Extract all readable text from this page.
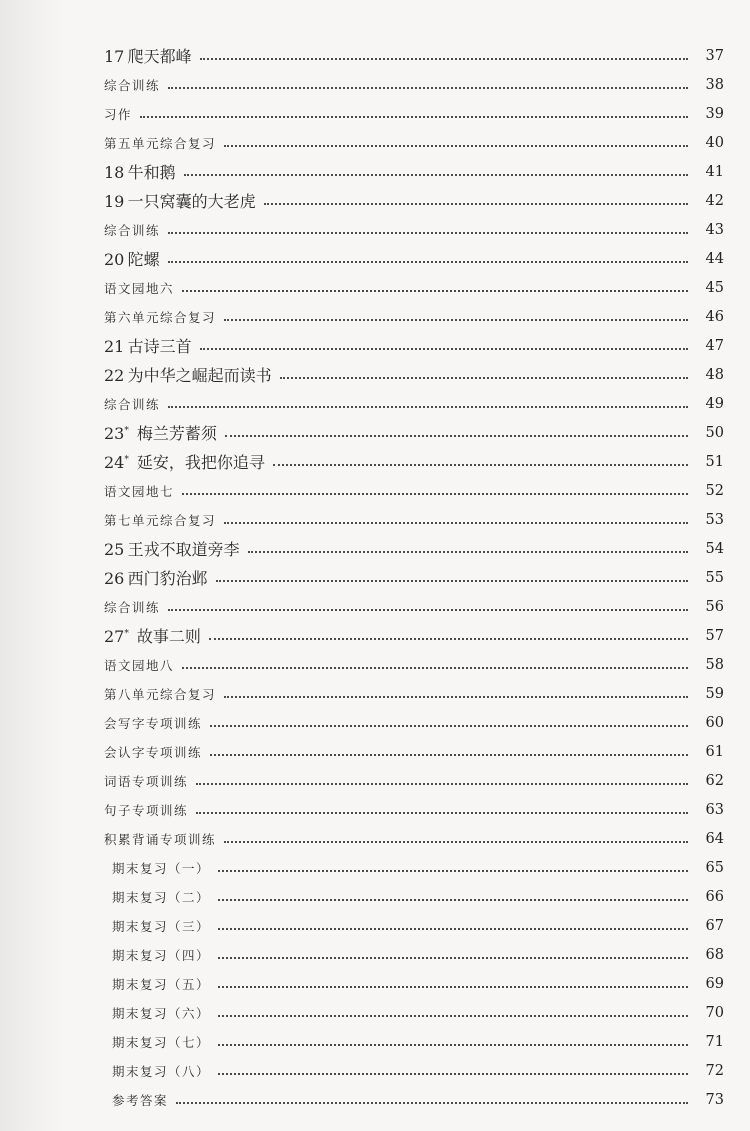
17  爬天都峰	37
综合训练	38
习作	39
第五单元综合复习	40
18  牛和鹅	41
19  一只窝囊的大老虎	42
综合训练	43
20  陀螺	44
语文园地六	45
第六单元综合复习	46
21  古诗三首	47
22  为中华之崛起而读书	48
综合训练	49
23*  梅兰芳蓄须	50
24*  延安，我把你追寻	51
语文园地七	52
第七单元综合复习	53
25  王戎不取道旁李	54
26  西门豹治邺	55
综合训练	56
27*  故事二则	57
语文园地八	58
第八单元综合复习	59
会写字专项训练	60
会认字专项训练	61
词语专项训练	62
句子专项训练	63
积累背诵专项训练	64
期末复习（一）	65
期末复习（二）	66
期末复习（三）	67
期末复习（四）	68
期末复习（五）	69
期末复习（六）	70
期末复习（七）	71
期末复习（八）	72
参考答案	73
